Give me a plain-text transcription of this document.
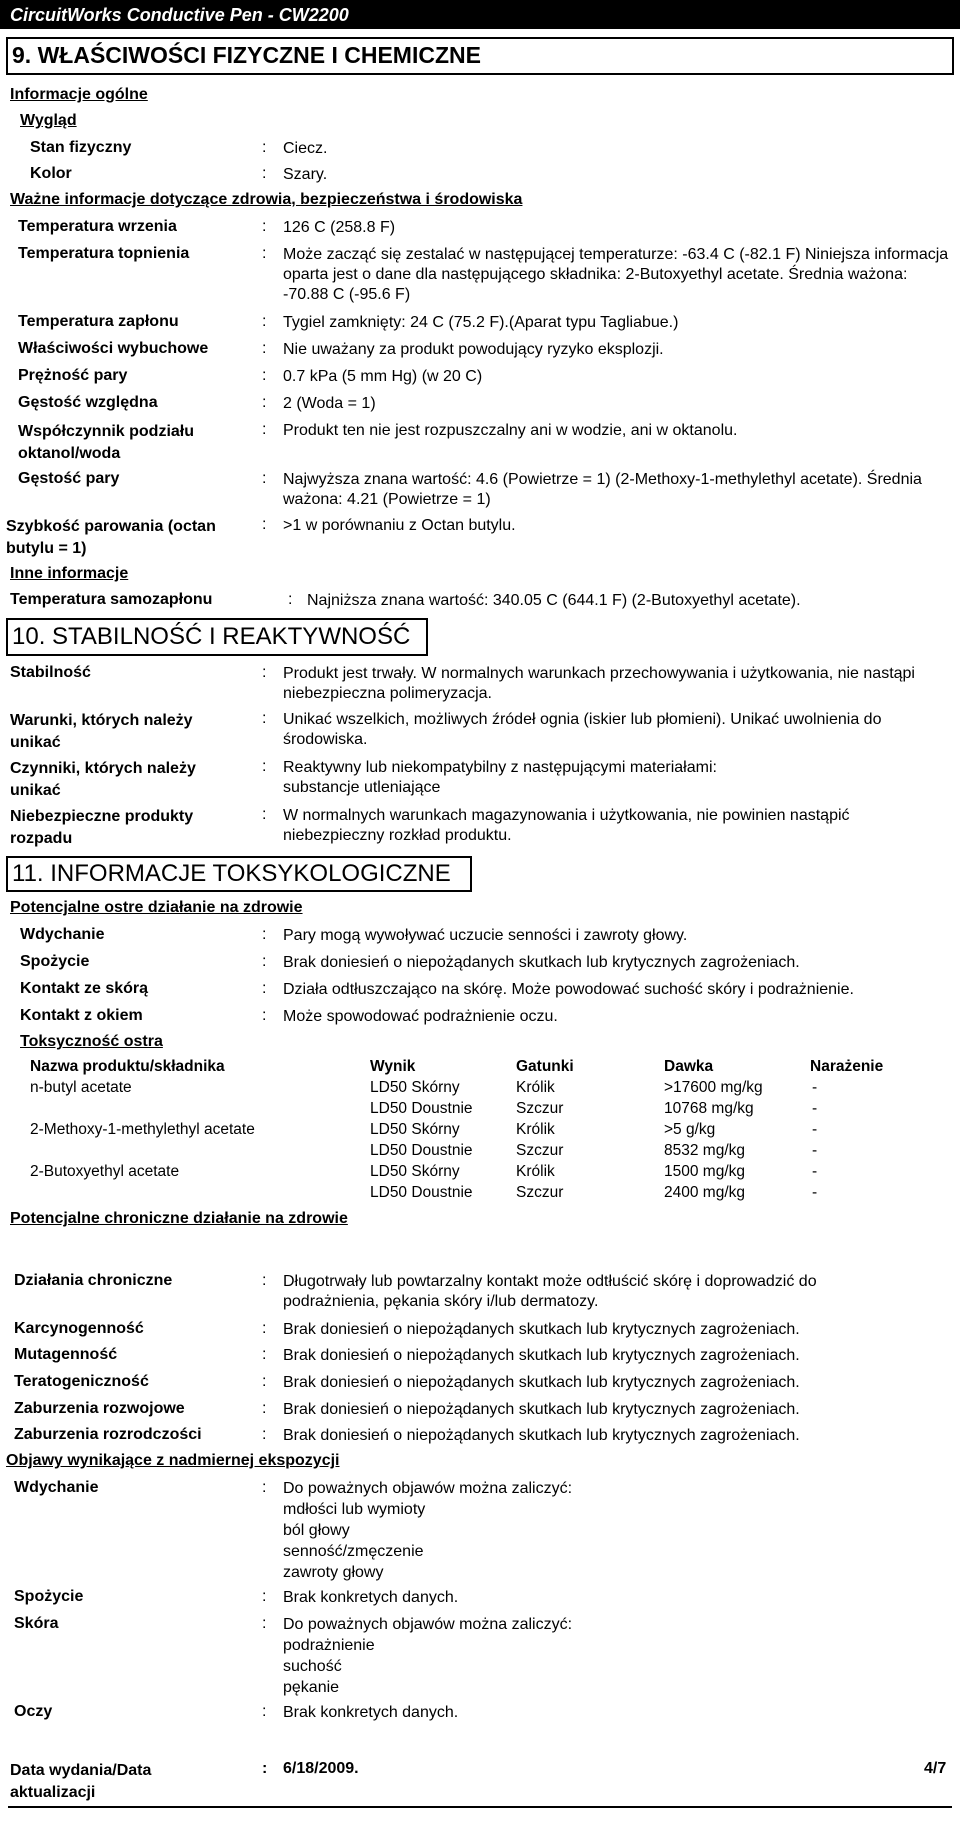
CircuitWorks Conductive Pen - CW2200
9. WŁAŚCIWOŚCI FIZYCZNE I CHEMICZNE
Informacje ogólne
Wygląd
Stan fizyczny	: Ciecz.
Kolor	: Szary.
Ważne informacje dotyczące zdrowia, bezpieczeństwa i środowiska
Temperatura wrzenia	: 126 C (258.8 F)
Temperatura topnienia	: Może zacząć się zestalać w następującej temperaturze: -63.4 C (-82.1 F) Niniejsza informacja oparta jest o dane dla następującego składnika: 2-Butoxyethyl acetate. Średnia ważona: -70.88 C (-95.6 F)
Temperatura zapłonu	: Tygiel zamknięty: 24 C (75.2 F).(Aparat typu Tagliabue.)
Właściwości wybuchowe	: Nie uważany za produkt powodujący ryzyko eksplozji.
Prężność pary	: 0.7 kPa (5 mm Hg) (w 20 C)
Gęstość względna	: 2 (Woda = 1)
Współczynnik podziału oktanol/woda
: Produkt ten nie jest rozpuszczalny ani w wodzie, ani w oktanolu.
Gęstość pary	: Najwyższa znana wartość: 4.6 (Powietrze = 1) (2-Methoxy-1-methylethyl acetate). Średnia ważona: 4.21 (Powietrze = 1)
Szybkość parowania (octan butylu = 1)
: >1 w porównaniu z Octan butylu.
Inne informacje
Temperatura samozapłonu	: Najniższa znana wartość: 340.05 C (644.1 F) (2-Butoxyethyl acetate).
10. STABILNOŚĆ I REAKTYWNOŚĆ
Stabilność	: Produkt jest trwały. W normalnych warunkach przechowywania i użytkowania, nie nastąpi niebezpieczna polimeryzacja.
Warunki, których należy unikać
: Unikać wszelkich, możliwych źródeł ognia (iskier lub płomieni). Unikać uwolnienia do środowiska.
Czynniki, których należy unikać
: Reaktywny lub niekompatybilny z następującymi materiałami: substancje utleniające
Niebezpieczne produkty rozpadu
: W normalnych warunkach magazynowania i użytkowania, nie powinien nastąpić niebezpieczny rozkład produktu.
11. INFORMACJE TOKSYKOLOGICZNE
Potencjalne ostre działanie na zdrowie
Wdychanie	: Pary mogą wywoływać uczucie senności i zawroty głowy.
Spożycie	: Brak doniesień o niepożądanych skutkach lub krytycznych zagrożeniach.
Kontakt ze skórą	: Działa odtłuszczająco na skórę. Może powodować suchość skóry i podrażnienie.
Kontakt z okiem	: Może spowodować podrażnienie oczu.
Toksyczność ostra
Nazwa produktu/składnika	Wynik	Gatunki	Dawka	Narażenie
n-butyl acetate	LD50 Skórny	Królik	>17600 mg/kg	-
LD50 Doustnie	Szczur	10768 mg/kg	-
2-Methoxy-1-methylethyl acetate	LD50 Skórny	Królik	>5 g/kg	-
LD50 Doustnie	Szczur	8532 mg/kg	-
2-Butoxyethyl acetate	LD50 Skórny	Królik	1500 mg/kg	-
LD50 Doustnie	Szczur	2400 mg/kg	-
Potencjalne chroniczne działanie na zdrowie
Działania chroniczne	: Długotrwały lub powtarzalny kontakt może odtłuścić skórę i doprowadzić do podrażnienia, pękania skóry i/lub dermatozy.
Karcynogenność	: Brak doniesień o niepożądanych skutkach lub krytycznych zagrożeniach.
Mutagenność	: Brak doniesień o niepożądanych skutkach lub krytycznych zagrożeniach.
Teratogeniczność	: Brak doniesień o niepożądanych skutkach lub krytycznych zagrożeniach.
Zaburzenia rozwojowe	: Brak doniesień o niepożądanych skutkach lub krytycznych zagrożeniach.
Zaburzenia rozrodczości	: Brak doniesień o niepożądanych skutkach lub krytycznych zagrożeniach.
Objawy wynikające z nadmiernej ekspozycji
Wdychanie	: Do poważnych objawów można zaliczyć:
mdłości lub wymioty
ból głowy
senność/zmęczenie
zawroty głowy
Spożycie	: Brak konkretych danych.
Skóra	: Do poważnych objawów można zaliczyć:
podrażnienie
suchość
pękanie
Oczy	: Brak konkretych danych.
Data wydania/Data aktualizacji
: 6/18/2009.	4/7
